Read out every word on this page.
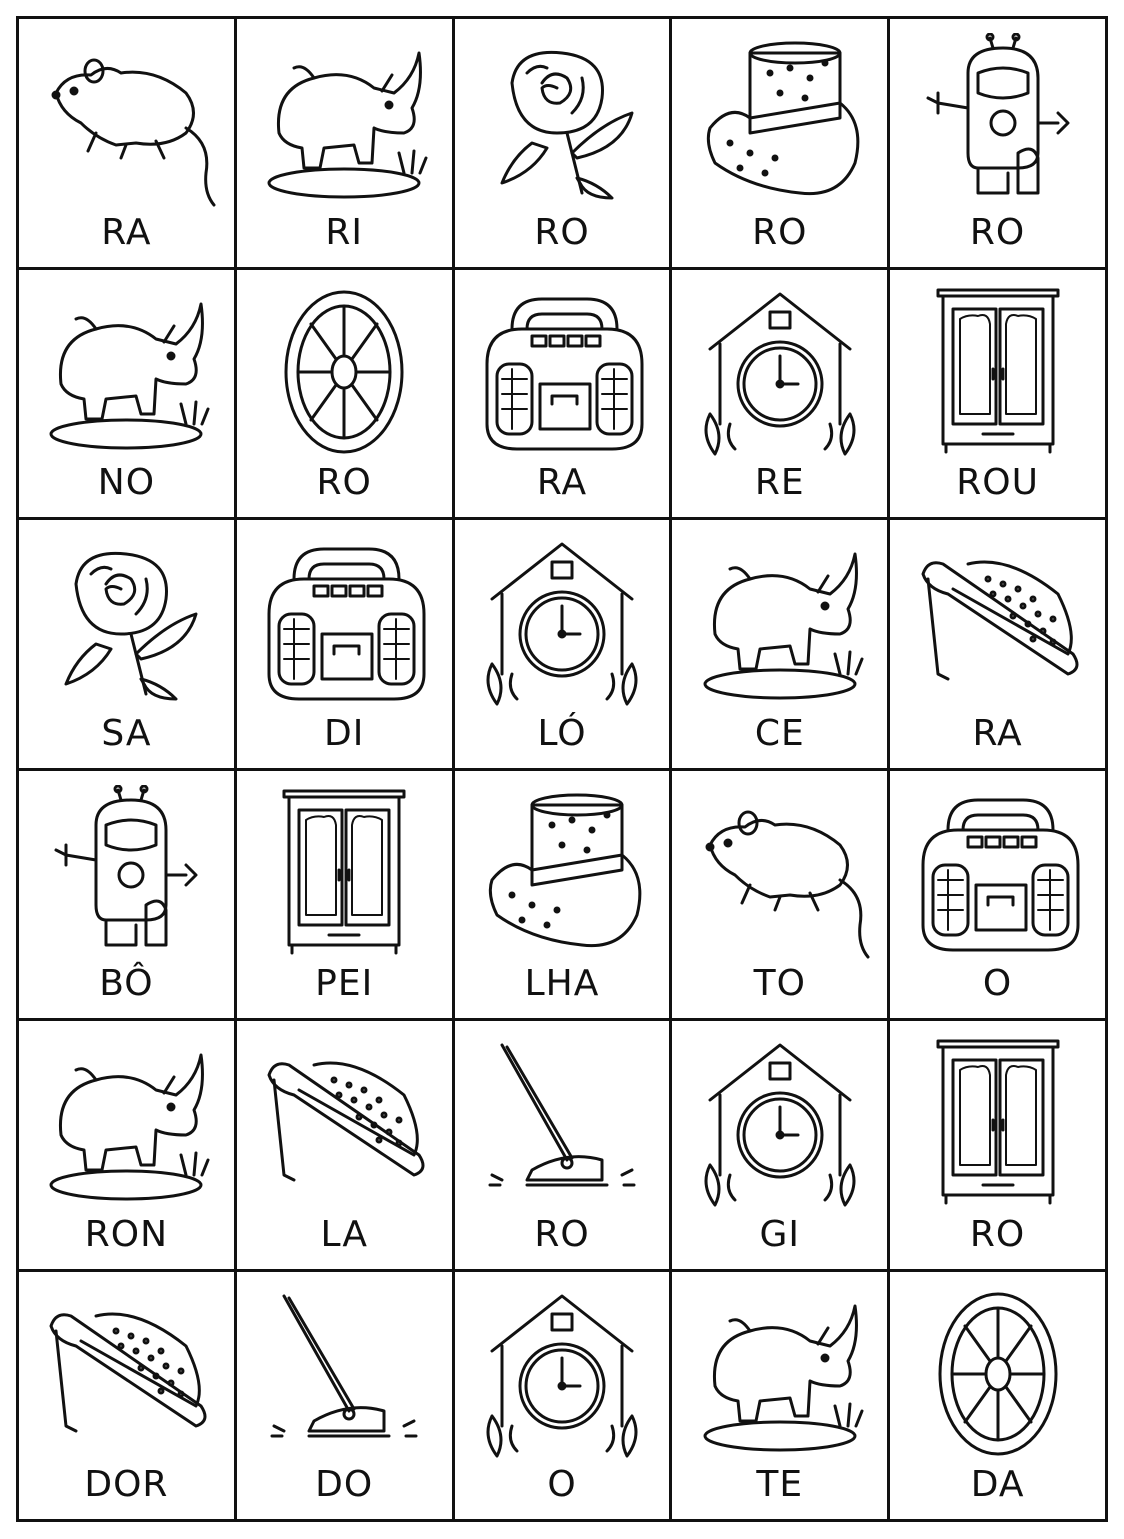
RA	RI	RO	RO	RO
NO	RO	RA	RE	ROU
SA	DI	LÓ	CE	RA
BÔ	PEI	LHA	TO	O
RON	LA	RO	GI	RO
DOR	DO	O	TE	DA
